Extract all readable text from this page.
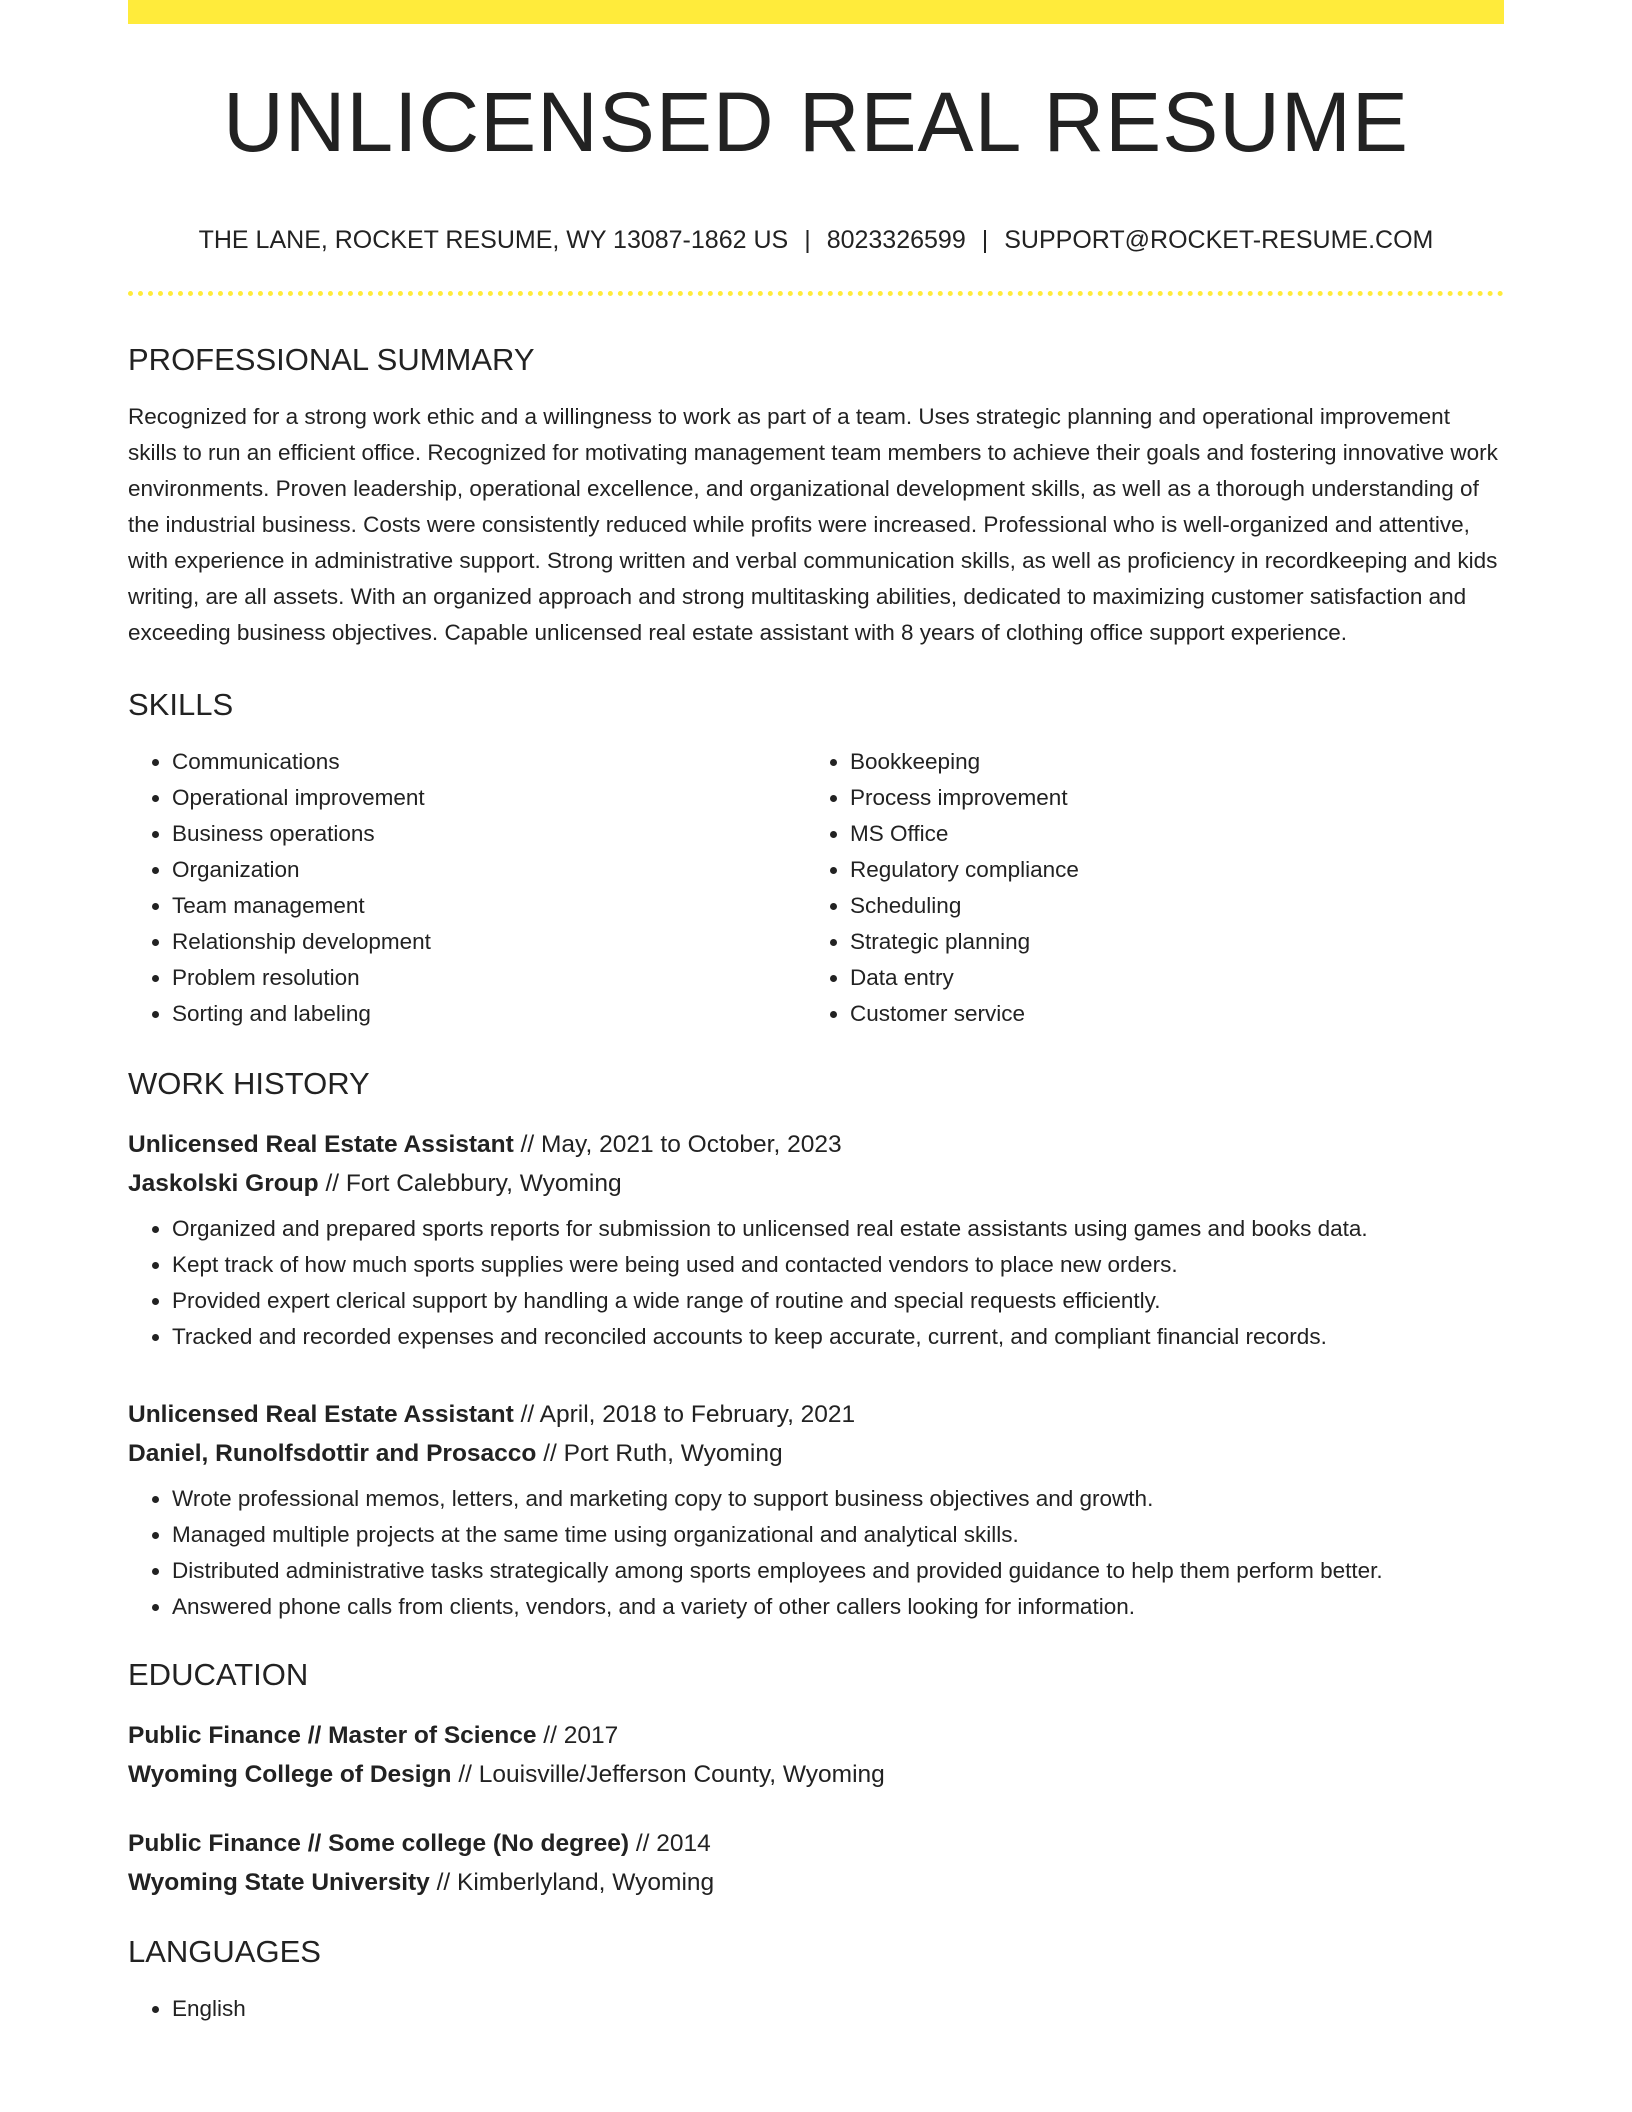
UNLICENSED REAL RESUME
THE LANE, ROCKET RESUME, WY 13087-1862 US | 8023326599 | SUPPORT@ROCKET-RESUME.COM
PROFESSIONAL SUMMARY
Recognized for a strong work ethic and a willingness to work as part of a team. Uses strategic planning and operational improvement skills to run an efficient office. Recognized for motivating management team members to achieve their goals and fostering innovative work environments. Proven leadership, operational excellence, and organizational development skills, as well as a thorough understanding of the industrial business. Costs were consistently reduced while profits were increased. Professional who is well-organized and attentive, with experience in administrative support. Strong written and verbal communication skills, as well as proficiency in recordkeeping and kids writing, are all assets. With an organized approach and strong multitasking abilities, dedicated to maximizing customer satisfaction and exceeding business objectives. Capable unlicensed real estate assistant with 8 years of clothing office support experience.
SKILLS
• Communications
• Operational improvement
• Business operations
• Organization
• Team management
• Relationship development
• Problem resolution
• Sorting and labeling
• Bookkeeping
• Process improvement
• MS Office
• Regulatory compliance
• Scheduling
• Strategic planning
• Data entry
• Customer service
WORK HISTORY
Unlicensed Real Estate Assistant // May, 2021 to October, 2023
Jaskolski Group // Fort Calebbury, Wyoming
• Organized and prepared sports reports for submission to unlicensed real estate assistants using games and books data.
• Kept track of how much sports supplies were being used and contacted vendors to place new orders.
• Provided expert clerical support by handling a wide range of routine and special requests efficiently.
• Tracked and recorded expenses and reconciled accounts to keep accurate, current, and compliant financial records.
Unlicensed Real Estate Assistant // April, 2018 to February, 2021
Daniel, Runolfsdottir and Prosacco // Port Ruth, Wyoming
• Wrote professional memos, letters, and marketing copy to support business objectives and growth.
• Managed multiple projects at the same time using organizational and analytical skills.
• Distributed administrative tasks strategically among sports employees and provided guidance to help them perform better.
• Answered phone calls from clients, vendors, and a variety of other callers looking for information.
EDUCATION
Public Finance // Master of Science // 2017
Wyoming College of Design // Louisville/Jefferson County, Wyoming
Public Finance // Some college (No degree) // 2014
Wyoming State University // Kimberlyland, Wyoming
LANGUAGES
• English
